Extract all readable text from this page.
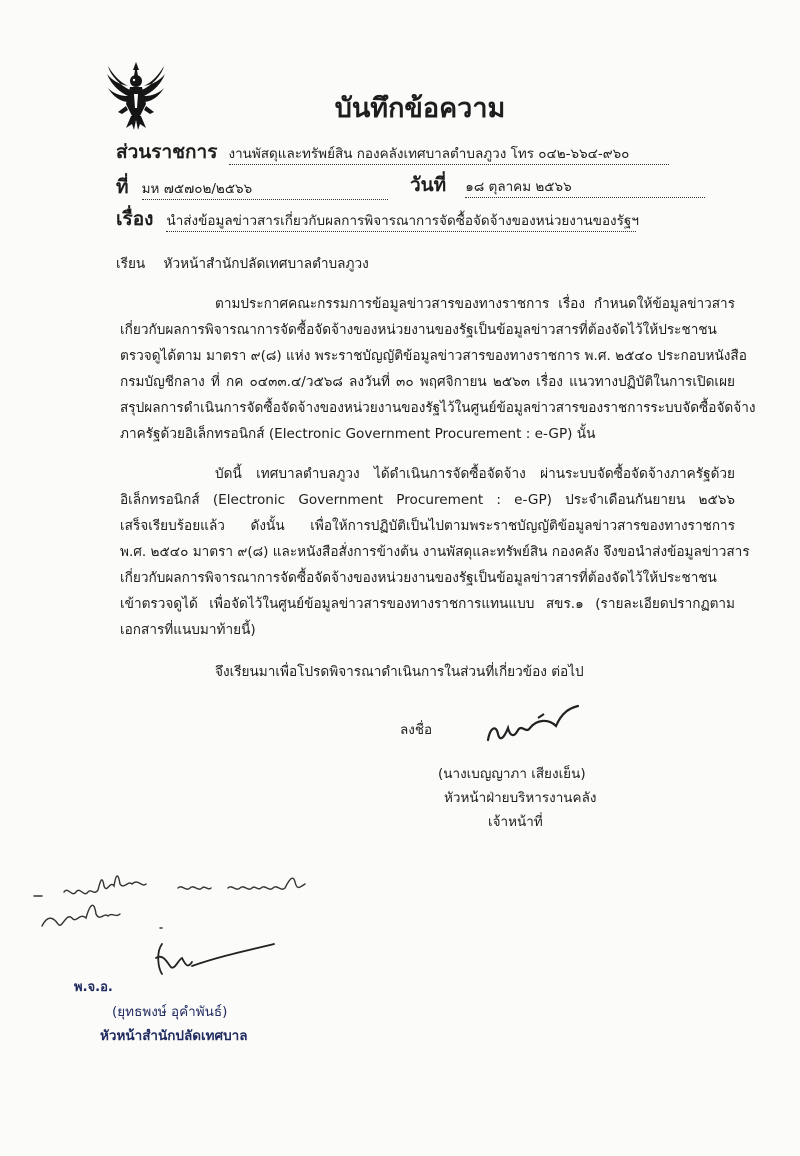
บันทึกข้อความ
ส่วนราชการ งานพัสดุและทรัพย์สิน กองคลังเทศบาลตำบลภูวง โทร ๐๔๒-๖๖๔-๙๖๐
ที่ มห ๗๕๗๐๒/๒๕๖๖	วันที่ ๑๘ ตุลาคม ๒๕๖๖
เรื่อง นำส่งข้อมูลข่าวสารเกี่ยวกับผลการพิจารณาการจัดซื้อจัดจ้างของหน่วยงานของรัฐฯ
เรียน หัวหน้าสำนักปลัดเทศบาลตำบลภูวง
ตามประกาศคณะกรรมการข้อมูลข่าวสารของทางราชการ เรื่อง กำหนดให้ข้อมูลข่าวสาร
เกี่ยวกับผลการพิจารณาการจัดซื้อจัดจ้างของหน่วยงานของรัฐเป็นข้อมูลข่าวสารที่ต้องจัดไว้ให้ประชาชน
ตรวจดูได้ตาม มาตรา ๙(๘) แห่ง พระราชบัญญัติข้อมูลข่าวสารของทางราชการ พ.ศ. ๒๕๔๐ ประกอบหนังสือ
กรมบัญชีกลาง ที่ กค ๐๔๓๓.๔/ว๕๖๘ ลงวันที่ ๓๐ พฤศจิกายน ๒๕๖๓ เรื่อง แนวทางปฏิบัติในการเปิดเผย
สรุปผลการดำเนินการจัดซื้อจัดจ้างของหน่วยงานของรัฐไว้ในศูนย์ข้อมูลข่าวสารของราชการระบบจัดซื้อจัดจ้าง
ภาครัฐด้วยอิเล็กทรอนิกส์ (Electronic Government Procurement : e-GP) นั้น
บัดนี้ เทศบาลตำบลภูวง ได้ดำเนินการจัดซื้อจัดจ้าง ผ่านระบบจัดซื้อจัดจ้างภาครัฐด้วย
อิเล็กทรอนิกส์ (Electronic Government Procurement : e-GP) ประจำเดือนกันยายน ๒๕๖๖
เสร็จเรียบร้อยแล้ว ดังนั้น เพื่อให้การปฏิบัติเป็นไปตามพระราชบัญญัติข้อมูลข่าวสารของทางราชการ
พ.ศ. ๒๕๔๐ มาตรา ๙(๘) และหนังสือสั่งการข้างต้น งานพัสดุและทรัพย์สิน กองคลัง จึงขอนำส่งข้อมูลข่าวสาร
เกี่ยวกับผลการพิจารณาการจัดซื้อจัดจ้างของหน่วยงานของรัฐเป็นข้อมูลข่าวสารที่ต้องจัดไว้ให้ประชาชน
เข้าตรวจดูได้ เพื่อจัดไว้ในศูนย์ข้อมูลข่าวสารของทางราชการแทนแบบ สขร.๑ (รายละเอียดปรากฏตาม
เอกสารที่แนบมาท้ายนี้)
จึงเรียนมาเพื่อโปรดพิจารณาดำเนินการในส่วนที่เกี่ยวข้อง ต่อไป
ลงชื่อ
(นางเบญญาภา เสียงเย็น)
หัวหน้าฝ่ายบริหารงานคลัง
เจ้าหน้าที่
พ.จ.อ.
(ยุทธพงษ์ อุคำพันธ์)
หัวหน้าสำนักปลัดเทศบาล
